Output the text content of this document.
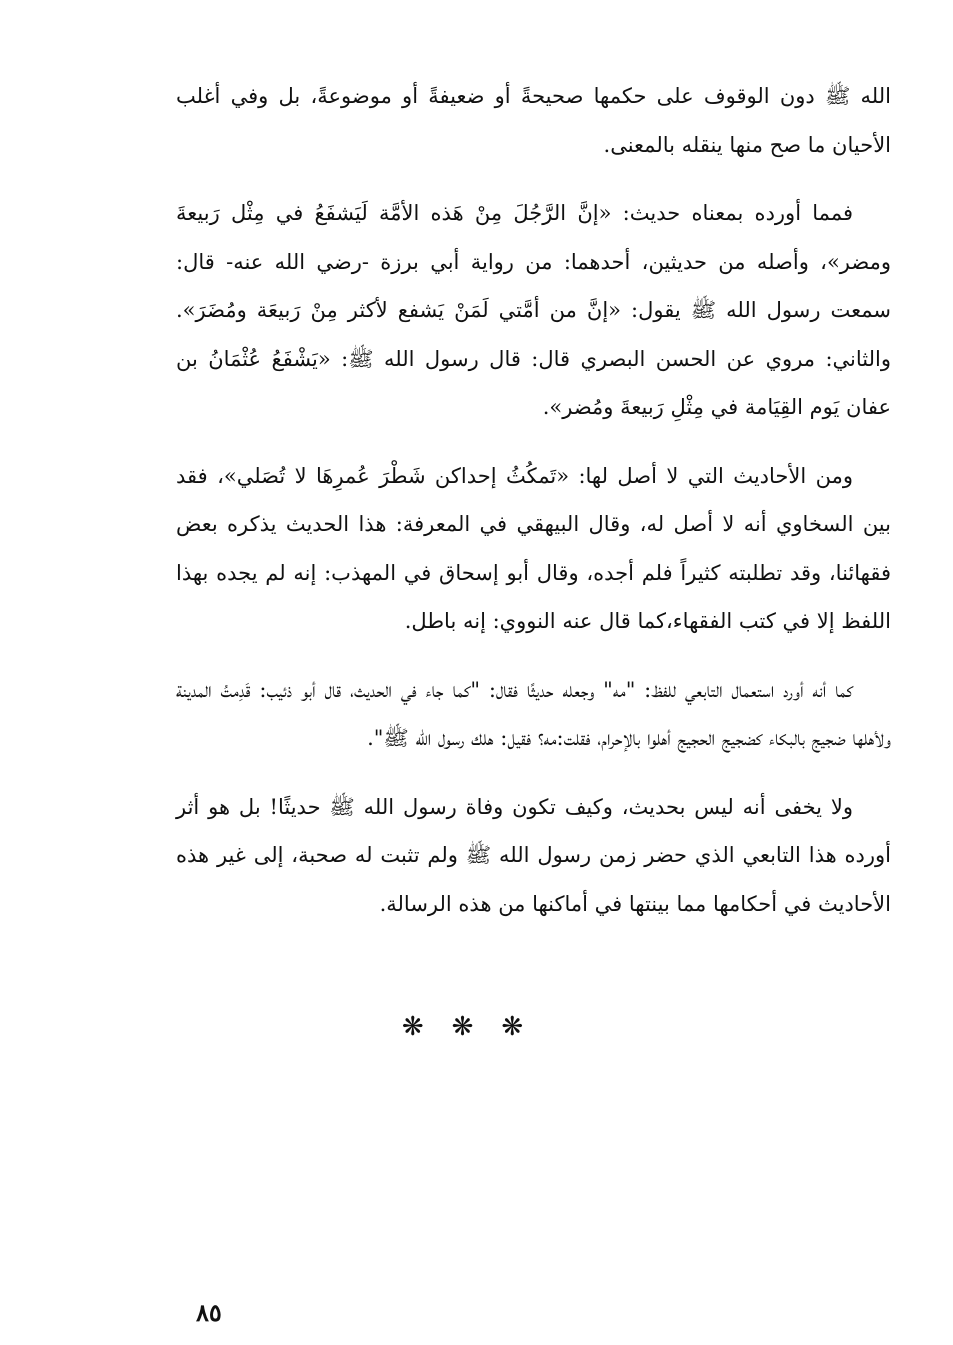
الله ﷺ دون الوقوف على حكمها صحيحةً أو ضعيفةً أو موضوعةً، بل وفي أغلب الأحيان ما صح منها ينقله بالمعنى.

فمما أورده بمعناه حديث: «إنَّ الرَّجُلَ مِنْ هَذه الأمَّة لَيَشفَعُ في مِثْل رَبيعةَ ومضر»، وأصله من حديثين، أحدهما: من رواية أبي برزة -رضي الله عنه- قال: سمعت رسول الله ﷺ يقول: «إنَّ من أمَّتي لَمَنْ يَشفع لأكثر مِنْ رَبيعَة ومُضَرَ». والثاني: مروي عن الحسن البصري قال: قال رسول الله ﷺ: «يَشْفَعُ عُثْمَانُ بن عفان يَوم القِيَامة في مِثْلِ رَبيعةَ ومُضر».

ومن الأحاديث التي لا أصل لها: «تَمكُثُ إحداكن شَطْرَ عُمرِهَا لا تُصَلي»، فقد بين السخاوي أنه لا أصل له، وقال البيهقي في المعرفة: هذا الحديث يذكره بعض فقهائنا، وقد تطلبته كثيراً فلم أجده، وقال أبو إسحاق في المهذب: إنه لم يجده بهذا اللفظ إلا في كتب الفقهاء،كما قال عنه النووي: إنه باطل.

كما أنه أورد استعمال التابعي للفظ: "مه" وجعله حديثًا فقال: "كما جاء في الحديث، قال أبو ذئيب: قَدِمتُ المدينة ولأهلها ضجيج بالبكاء كضجيج الحجيج أهلوا بالإحرام، فقلت:مه؟ فقيل: هلك رسول الله ﷺ".

ولا يخفى أنه ليس بحديث، وكيف تكون وفاة رسول الله ﷺ حديثًا! بل هو أثر أورده هذا التابعي الذي حضر زمن رسول الله ﷺ ولم تثبت له صحبة، إلى غير هذه الأحاديث في أحكامها مما بينتها في أماكنها من هذه الرسالة.

❋❋❋
٨٥
